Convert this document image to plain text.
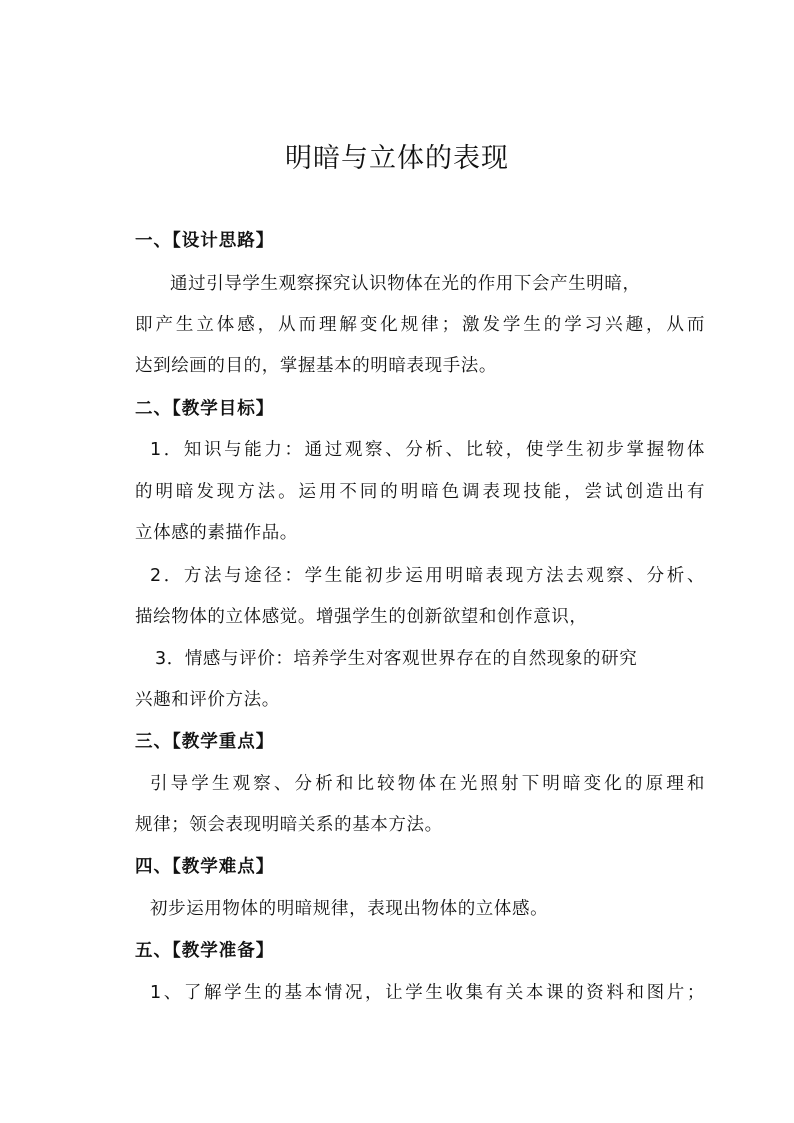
明暗与立体的表现
一、【设计思路】
通过引导学生观察探究认识物体在光的作用下会产生明暗，
即产生立体感，从而理解变化规律；激发学生的学习兴趣，从而
达到绘画的目的，掌握基本的明暗表现手法。
二、【教学目标】
1．知识与能力：通过观察、分析、比较，使学生初步掌握物体
的明暗发现方法。运用不同的明暗色调表现技能，尝试创造出有
立体感的素描作品。
2．方法与途径：学生能初步运用明暗表现方法去观察、分析、
描绘物体的立体感觉。增强学生的创新欲望和创作意识，
3．情感与评价：培养学生对客观世界存在的自然现象的研究
兴趣和评价方法。
三、【教学重点】
引导学生观察、分析和比较物体在光照射下明暗变化的原理和
规律；领会表现明暗关系的基本方法。
四、【教学难点】
初步运用物体的明暗规律，表现出物体的立体感。
五、【教学准备】
1、了解学生的基本情况，让学生收集有关本课的资料和图片；
